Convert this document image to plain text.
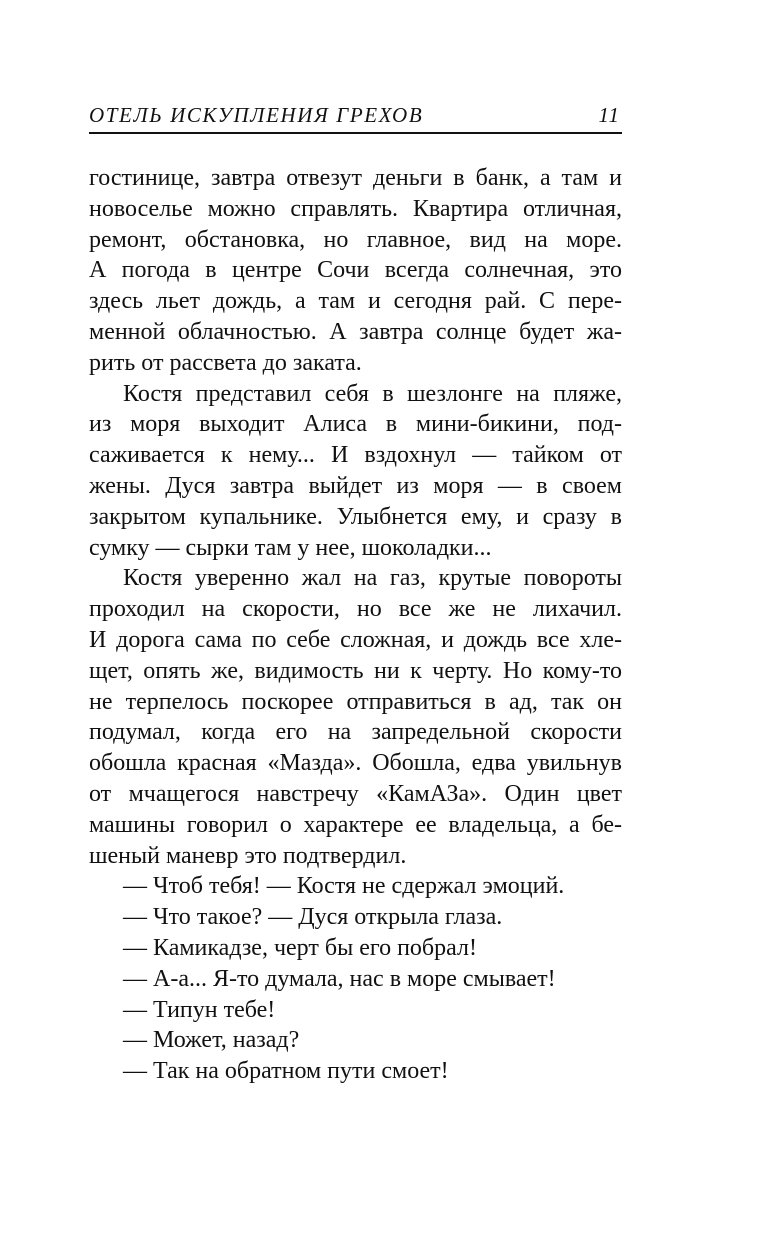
ОТЕЛЬ ИСКУПЛЕНИЯ ГРЕХОВ	11
гостинице, завтра отвезут деньги в банк, а там и
новоселье можно справлять. Квартира отличная,
ремонт, обстановка, но главное, вид на море.
А погода в центре Сочи всегда солнечная, это
здесь льет дождь, а там и сегодня рай. С пере-
менной облачностью. А завтра солнце будет жа-
рить от рассвета до заката.
Костя представил себя в шезлонге на пляже,
из моря выходит Алиса в мини-бикини, под-
саживается к нему... И вздохнул — тайком от
жены. Дуся завтра выйдет из моря — в своем
закрытом купальнике. Улыбнется ему, и сразу в
сумку — сырки там у нее, шоколадки...
Костя уверенно жал на газ, крутые повороты
проходил на скорости, но все же не лихачил.
И дорога сама по себе сложная, и дождь все хле-
щет, опять же, видимость ни к черту. Но кому-то
не терпелось поскорее отправиться в ад, так он
подумал, когда его на запредельной скорости
обошла красная «Мазда». Обошла, едва увильнув
от мчащегося навстречу «КамАЗа». Один цвет
машины говорил о характере ее владельца, а бе-
шеный маневр это подтвердил.
— Чтоб тебя! — Костя не сдержал эмоций.
— Что такое? — Дуся открыла глаза.
— Камикадзе, черт бы его побрал!
— А-а... Я-то думала, нас в море смывает!
— Типун тебе!
— Может, назад?
— Так на обратном пути смоет!
